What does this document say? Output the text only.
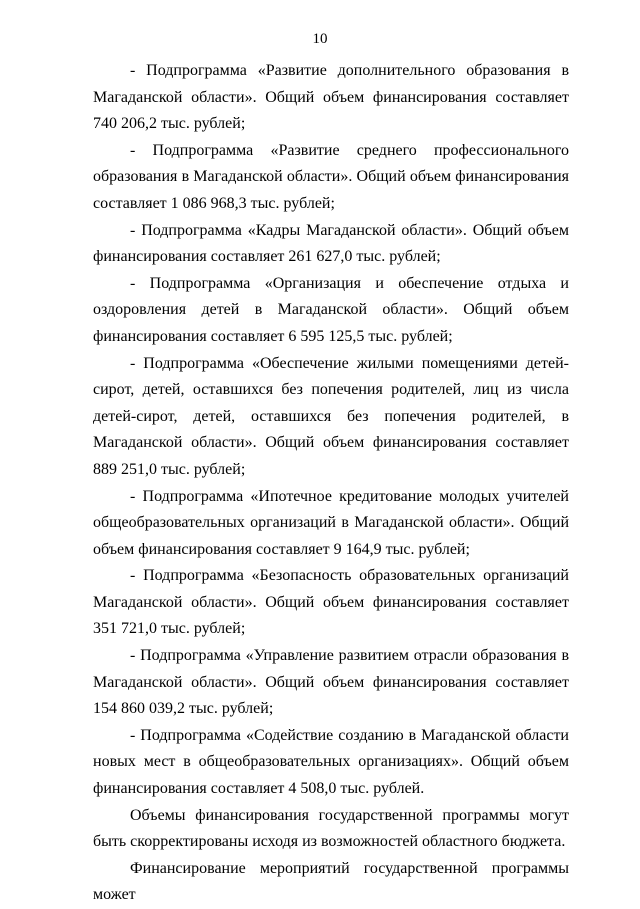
10

- Подпрограмма «Развитие дополнительного образования в Магаданской области». Общий объем финансирования составляет 740 206,2 тыс. рублей;

- Подпрограмма «Развитие среднего профессионального образования в Магаданской области». Общий объем финансирования составляет 1 086 968,3 тыс. рублей;

- Подпрограмма «Кадры Магаданской области». Общий объем финансирования составляет 261 627,0 тыс. рублей;

- Подпрограмма «Организация и обеспечение отдыха и оздоровления детей в Магаданской области». Общий объем финансирования составляет 6 595 125,5 тыс. рублей;

- Подпрограмма «Обеспечение жилыми помещениями детей-сирот, детей, оставшихся без попечения родителей, лиц из числа детей-сирот, детей, оставшихся без попечения родителей, в Магаданской области». Общий объем финансирования составляет 889 251,0 тыс. рублей;

- Подпрограмма «Ипотечное кредитование молодых учителей общеобразовательных организаций в Магаданской области». Общий объем финансирования составляет 9 164,9 тыс. рублей;

- Подпрограмма «Безопасность образовательных организаций Магаданской области». Общий объем финансирования составляет 351 721,0 тыс. рублей;

- Подпрограмма «Управление развитием отрасли образования в Магаданской области». Общий объем финансирования составляет 154 860 039,2 тыс. рублей;

- Подпрограмма «Содействие созданию в Магаданской области новых мест в общеобразовательных организациях». Общий объем финансирования составляет 4 508,0 тыс. рублей.

Объемы финансирования государственной программы могут быть скорректированы исходя из возможностей областного бюджета.

Финансирование мероприятий государственной программы может
